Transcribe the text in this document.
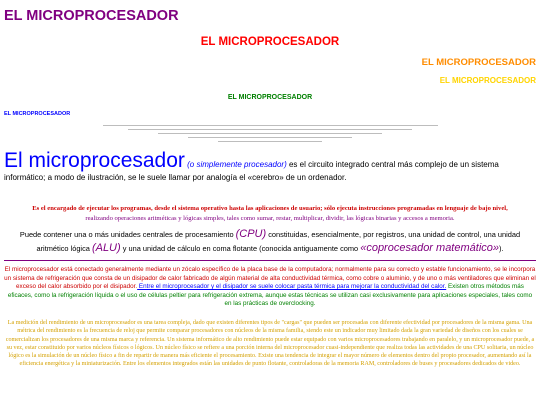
EL MICROPROCESADOR
EL MICROPROCESADOR
EL MICROPROCESADOR
EL MICROPROCESADOR
EL MICROPROCESADOR
EL MICROPROCESADOR
El microprocesador (o simplemente procesador) es el circuito integrado central más complejo de un sistema informático; a modo de ilustración, se le suele llamar por analogía el «cerebro» de un ordenador.
Es el encargado de ejecutar los programas, desde el sistema operativo hasta las aplicaciones de usuario; sólo ejecuta instrucciones programadas en lenguaje de bajo nivel, realizando operaciones aritméticas y lógicas simples, tales como sumar, restar, multiplicar, dividir, las lógicas binarias y accesos a memoria.
Puede contener una o más unidades centrales de procesamiento (CPU) constituidas, esencialmente, por registros, una unidad de control, una unidad aritmético lógica (ALU) y una unidad de cálculo en coma flotante (conocida antiguamente como «coprocesador matemático»).
El microprocesador está conectado generalmente mediante un zócalo específico de la placa base de la computadora; normalmente para su correcto y estable funcionamiento, se le incorpora un sistema de refrigeración que consta de un disipador de calor fabricado de algún material de alta conductividad térmica, como cobre o aluminio, y de uno o más ventiladores que eliminan el exceso del calor absorbido por el disipador. Entre el microprocesador y el disipador se suele colocar pasta térmica para mejorar la conductividad del calor. Existen otros métodos más eficaces, como la refrigeración líquida o el uso de células peltier para refrigeración extrema, aunque estas técnicas se utilizan casi exclusivamente para aplicaciones especiales, tales como en las prácticas de overclocking.
La medición del rendimiento de un microprocesador es una tarea compleja, dado que existen diferentes tipos de "cargas" que pueden ser procesadas con diferente efectividad por procesadores de la misma gama. Una métrica del rendimiento es la frecuencia de reloj que permite comparar procesadores con núcleos de la misma familia, siendo este un indicador muy limitado dada la gran variedad de diseños con los cuales se comercializan los procesadores de una misma marca y referencia. Un sistema informático de alto rendimiento puede estar equipado con varios microprocesadores trabajando en paralelo, y un microprocesador puede, a su vez, estar constituido por varios núcleos físicos o lógicos. Un núcleo físico se refiere a una porción interna del microprocesador cuasi-independiente que realiza todas las actividades de una CPU solitaria, un núcleo lógico es la simulación de un núcleo físico a fin de repartir de manera más eficiente el procesamiento. Existe una tendencia de integrar el mayor número de elementos dentro del propio procesador, aumentando así la eficiencia energética y la miniaturización. Entre los elementos integrados están las unidades de punto flotante, controladoras de la memoria RAM, controladores de buses y procesadores dedicados de video.
